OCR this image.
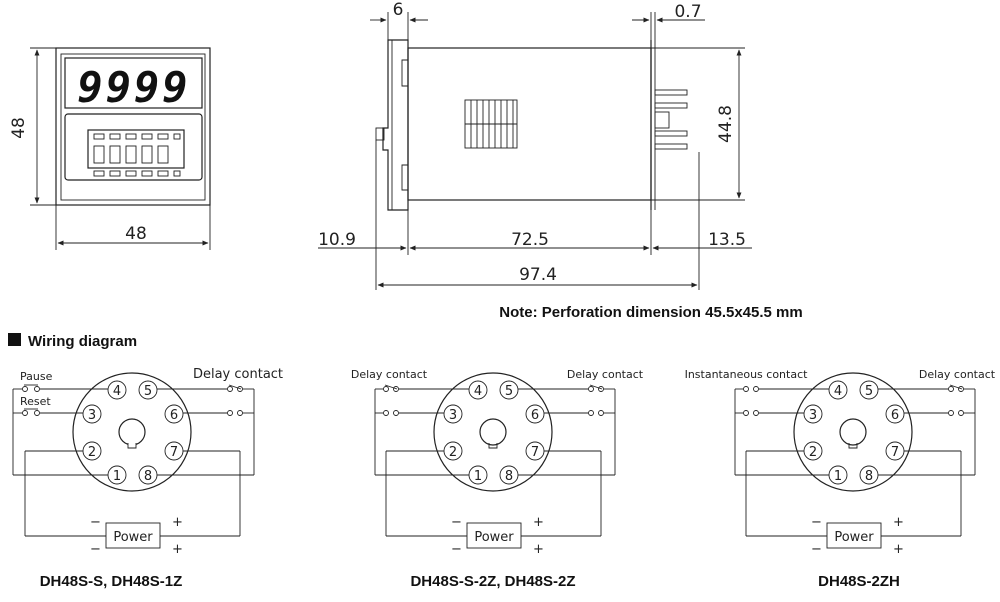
9999
48
48
6	0.7
44.8
10.9	72.5	13.5
97.4
Note: Perforation dimension 45.5x45.5 mm
Wiring diagram
4 5
3	6
2	7
1 8
Pause
Reset
Delay contact
Power
−	+
−	+
DH48S-S, DH48S-1Z
4 5
3	6
2	7
1 8
Delay contact	Delay contact
Power
−	+
−	+
DH48S-S-2Z, DH48S-2Z
4 5
3	6
2	7
1 8
Instantaneous contact	Delay contact
Power
−	+
−	+
DH48S-2ZH
